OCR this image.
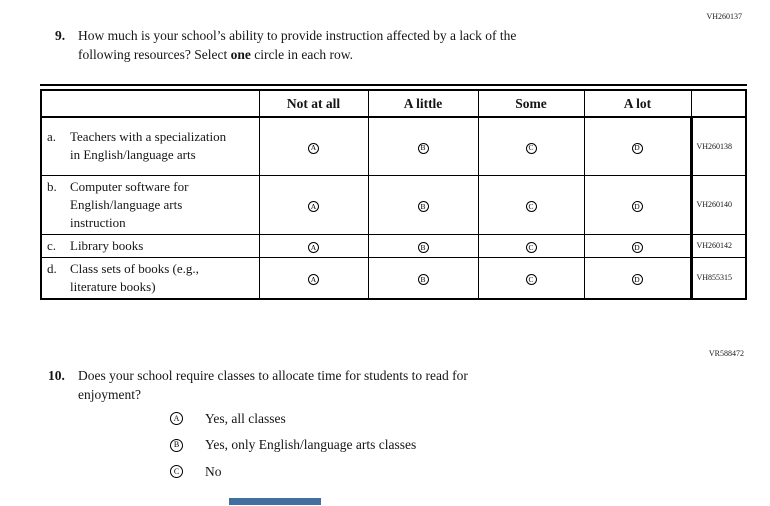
VH260137
9. How much is your school’s ability to provide instruction affected by a lack of the
following resources? Select one circle in each row.
	Not at all	A little	Some	A lot	

a. Teachers with a specialization in English/language arts	A	B	C	D	VH260138

b. Computer software for English/language arts instruction	A	B	C	D	VH260140

c. Library books	A	B	C	D	VH260142

d. Class sets of books (e.g., literature books)	A	B	C	D	VH855315
VR588472
10. Does your school require classes to allocate time for students to read for
enjoyment?
A Yes, all classes
B Yes, only English/language arts classes
C No
